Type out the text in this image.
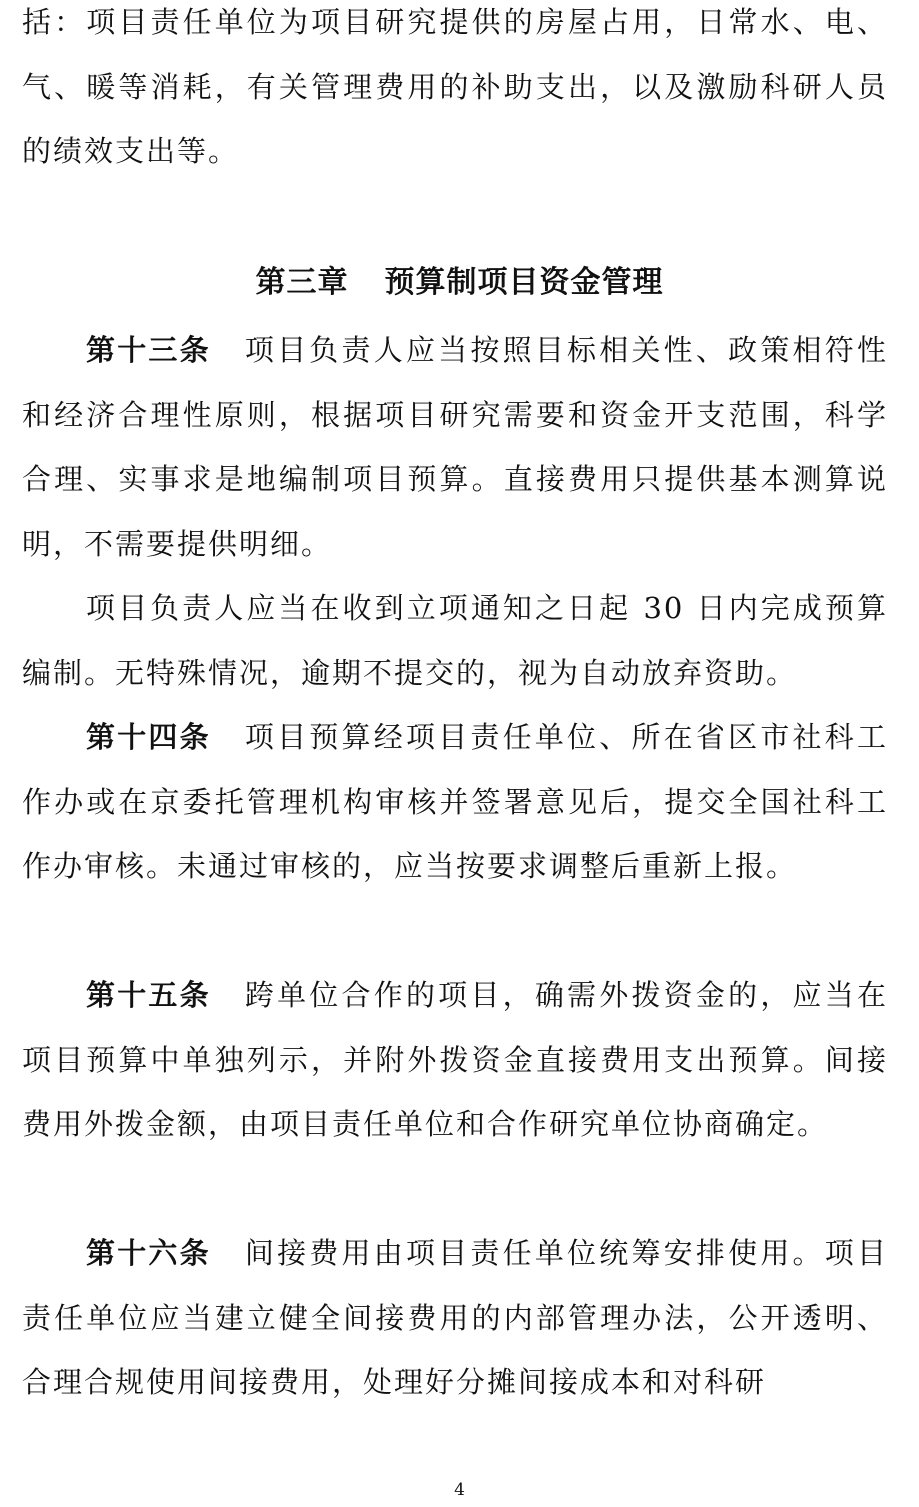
括：项目责任单位为项目研究提供的房屋占用，日常水、电、气、暖等消耗，有关管理费用的补助支出，以及激励科研人员的绩效支出等。

第三章 预算制项目资金管理

第十三条 项目负责人应当按照目标相关性、政策相符性和经济合理性原则，根据项目研究需要和资金开支范围，科学合理、实事求是地编制项目预算。直接费用只提供基本测算说明，不需要提供明细。

项目负责人应当在收到立项通知之日起 30 日内完成预算编制。无特殊情况，逾期不提交的，视为自动放弃资助。

第十四条 项目预算经项目责任单位、所在省区市社科工作办或在京委托管理机构审核并签署意见后，提交全国社科工作办审核。未通过审核的，应当按要求调整后重新上报。

第十五条 跨单位合作的项目，确需外拨资金的，应当在项目预算中单独列示，并附外拨资金直接费用支出预算。间接费用外拨金额，由项目责任单位和合作研究单位协商确定。

第十六条 间接费用由项目责任单位统筹安排使用。项目责任单位应当建立健全间接费用的内部管理办法，公开透明、合理合规使用间接费用，处理好分摊间接成本和对科研

4
